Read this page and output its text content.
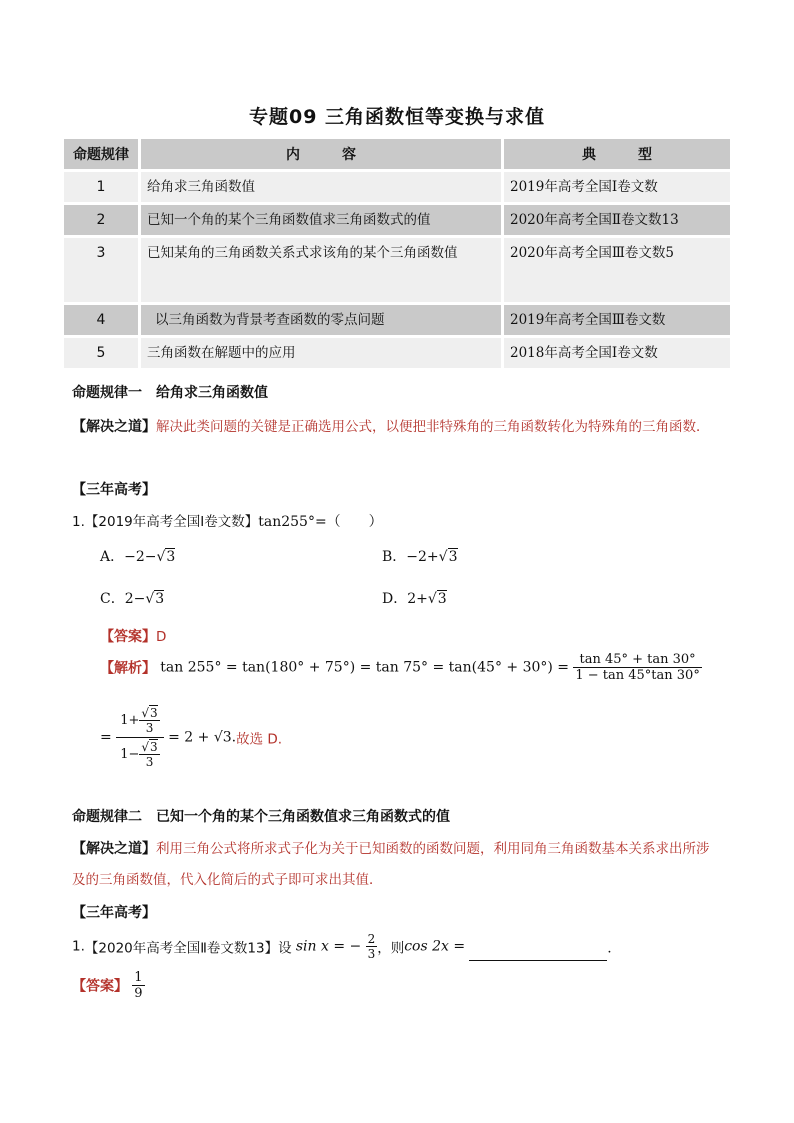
专题09 三角函数恒等变换与求值
命题规律	内　　　容	典　　　型
1	给角求三角函数值	2019年高考全国Ⅰ卷文数
2	已知一个角的某个三角函数值求三角函数式的值	2020年高考全国Ⅱ卷文数13
3	已知某角的三角函数关系式求该角的某个三角函数值	2020年高考全国Ⅲ卷文数5
4	以三角函数为背景考查函数的零点问题	2019年高考全国Ⅲ卷文数
5	三角函数在解题中的应用	2018年高考全国Ⅰ卷文数
命题规律一　给角求三角函数值
【解决之道】解决此类问题的关键是正确选用公式，以便把非特殊角的三角函数转化为特殊角的三角函数．
【三年高考】
1.【2019年高考全国Ⅰ卷文数】tan255°=（　　）
A．−2−√3	B．−2+√3
C．2−√3	D．2+√3
【答案】D
【解析】 $\tan 255^\circ = \tan(180^\circ + 75^\circ) = \tan 75^\circ = \tan(45^\circ + 30^\circ) = \frac{\tan 45^\circ + \tan 30^\circ}{1 - \tan 45^\circ\tan 30^\circ}$
= $\frac{1+ \frac{√3}{3}}{1- \frac{√3}{3}} = 2 + √3$.故选 D.
命题规律二　已知一个角的某个三角函数值求三角函数式的值
【解决之道】利用三角公式将所求式子化为关于已知函数的函数问题，利用同角三角函数基本关系求出所涉及的三角函数值，代入化简后的式子即可求出其值．
【三年高考】
1.【2020年高考全国Ⅱ卷文数13】设 sin x = − $\frac{2}{3}$ ，则cos 2x =	．
【答案】 $\frac{1}{9}$
